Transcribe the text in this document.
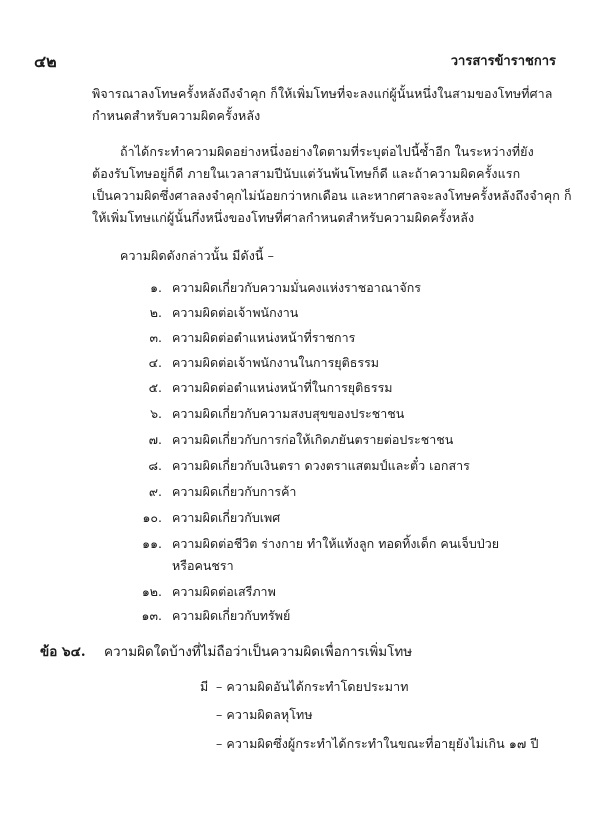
๔๒	วารสารข้าราชการ
พิจารณาลงโทษครั้งหลังถึงจำคุก ก็ให้เพิ่มโทษที่จะลงแก่ผู้นั้นหนึ่งในสามของโทษที่ศาล
กำหนดสำหรับความผิดครั้งหลัง
ถ้าได้กระทำความผิดอย่างหนึ่งอย่างใดตามที่ระบุต่อไปนี้ซ้ำอีก ในระหว่างที่ยัง
ต้องรับโทษอยู่ก็ดี ภายในเวลาสามปีนับแต่วันพ้นโทษก็ดี และถ้าความผิดครั้งแรก
เป็นความผิดซึ่งศาลลงจำคุกไม่น้อยกว่าหกเดือน และหากศาลจะลงโทษครั้งหลังถึงจำคุก ก็
ให้เพิ่มโทษแก่ผู้นั้นกึ่งหนึ่งของโทษที่ศาลกำหนดสำหรับความผิดครั้งหลัง
ความผิดดังกล่าวนั้น มีดังนี้ –
๑. ความผิดเกี่ยวกับความมั่นคงแห่งราชอาณาจักร
๒. ความผิดต่อเจ้าพนักงาน
๓. ความผิดต่อตำแหน่งหน้าที่ราชการ
๔. ความผิดต่อเจ้าพนักงานในการยุติธรรม
๕. ความผิดต่อตำแหน่งหน้าที่ในการยุติธรรม
๖. ความผิดเกี่ยวกับความสงบสุขของประชาชน
๗. ความผิดเกี่ยวกับการก่อให้เกิดภยันตรายต่อประชาชน
๘. ความผิดเกี่ยวกับเงินตรา ดวงตราแสตมป์และตั๋ว เอกสาร
๙. ความผิดเกี่ยวกับการค้า
๑๐. ความผิดเกี่ยวกับเพศ
๑๑. ความผิดต่อชีวิต ร่างกาย ทำให้แท้งลูก ทอดทิ้งเด็ก คนเจ็บป่วย
หรือคนชรา
๑๒. ความผิดต่อเสรีภาพ
๑๓. ความผิดเกี่ยวกับทรัพย์
ข้อ ๖๔. ความผิดใดบ้างที่ไม่ถือว่าเป็นความผิดเพื่อการเพิ่มโทษ
มี – ความผิดอันได้กระทำโดยประมาท
– ความผิดลหุโทษ
– ความผิดซึ่งผู้กระทำได้กระทำในขณะที่อายุยังไม่เกิน ๑๗ ปี
